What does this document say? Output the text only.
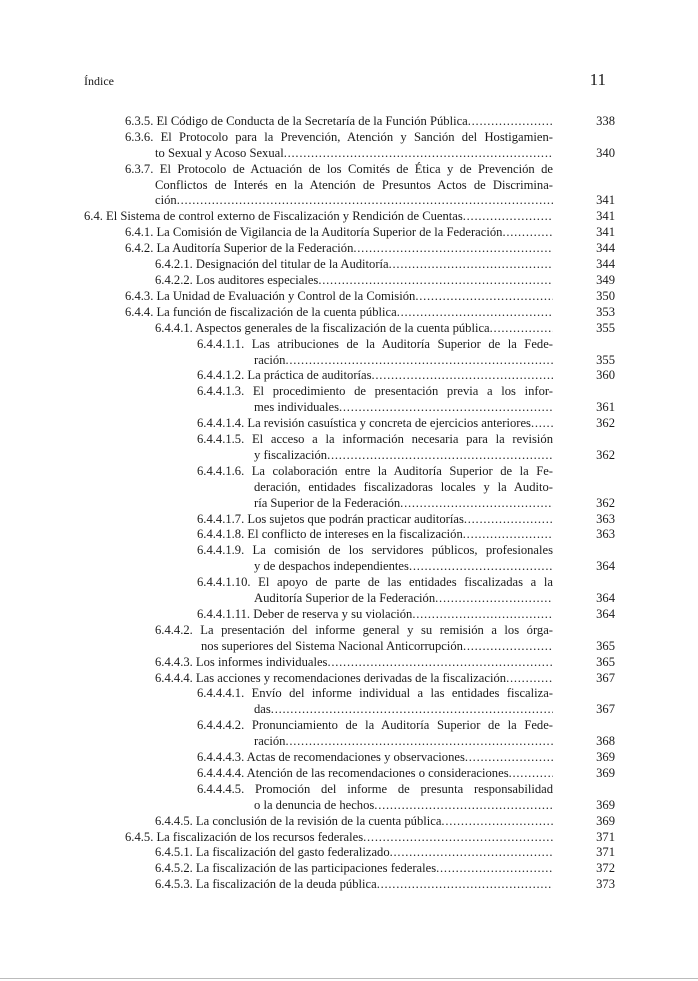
Índice	11
6.3.5. El Código de Conducta de la Secretaría de la Función Pública . . .	338
6.3.6. El Protocolo para la Prevención, Atención y Sanción del Hostigamien-
to Sexual y Acoso Sexual . . .	340
6.3.7. El Protocolo de Actuación de los Comités de Ética y de Prevención de
Conflictos de Interés en la Atención de Presuntos Actos de Discrimina-
ción . . .	341
6.4. El Sistema de control externo de Fiscalización y Rendición de Cuentas . . .	341
6.4.1. La Comisión de Vigilancia de la Auditoría Superior de la Federación . . .	341
6.4.2. La Auditoría Superior de la Federación . . .	344
6.4.2.1. Designación del titular de la Auditoría . . .	344
6.4.2.2. Los auditores especiales . . .	349
6.4.3. La Unidad de Evaluación y Control de la Comisión . . .	350
6.4.4. La función de fiscalización de la cuenta pública . . .	353
6.4.4.1. Aspectos generales de la fiscalización de la cuenta pública . . .	355
6.4.4.1.1. Las atribuciones de la Auditoría Superior de la Fede-
ración . . .	355
6.4.4.1.2. La práctica de auditorías . . .	360
6.4.4.1.3. El procedimiento de presentación previa a los infor-
mes individuales . . .	361
6.4.4.1.4. La revisión casuística y concreta de ejercicios anteriores . . .	362
6.4.4.1.5. El acceso a la información necesaria para la revisión
y fiscalización . . .	362
6.4.4.1.6. La colaboración entre la Auditoría Superior de la Fe-
deración, entidades fiscalizadoras locales y la Audito-
ría Superior de la Federación . . .	362
6.4.4.1.7. Los sujetos que podrán practicar auditorías . . .	363
6.4.4.1.8. El conflicto de intereses en la fiscalización . . .	363
6.4.4.1.9. La comisión de los servidores públicos, profesionales
y de despachos independientes . . .	364
6.4.4.1.10. El apoyo de parte de las entidades fiscalizadas a la
Auditoría Superior de la Federación . . .	364
6.4.4.1.11. Deber de reserva y su violación . . .	364
6.4.4.2. La presentación del informe general y su remisión a los órga-
nos superiores del Sistema Nacional Anticorrupción . . .	365
6.4.4.3. Los informes individuales . . .	365
6.4.4.4. Las acciones y recomendaciones derivadas de la fiscalización . . .	367
6.4.4.4.1. Envío del informe individual a las entidades fiscaliza-
das . . .	367
6.4.4.4.2. Pronunciamiento de la Auditoría Superior de la Fede-
ración . . .	368
6.4.4.4.3. Actas de recomendaciones y observaciones . . .	369
6.4.4.4.4. Atención de las recomendaciones o consideraciones . . .	369
6.4.4.4.5. Promoción del informe de presunta responsabilidad
o la denuncia de hechos . . .	369
6.4.4.5. La conclusión de la revisión de la cuenta pública . . .	369
6.4.5. La fiscalización de los recursos federales . . .	371
6.4.5.1. La fiscalización del gasto federalizado . . .	371
6.4.5.2. La fiscalización de las participaciones federales . . .	372
6.4.5.3. La fiscalización de la deuda pública . . .	373
